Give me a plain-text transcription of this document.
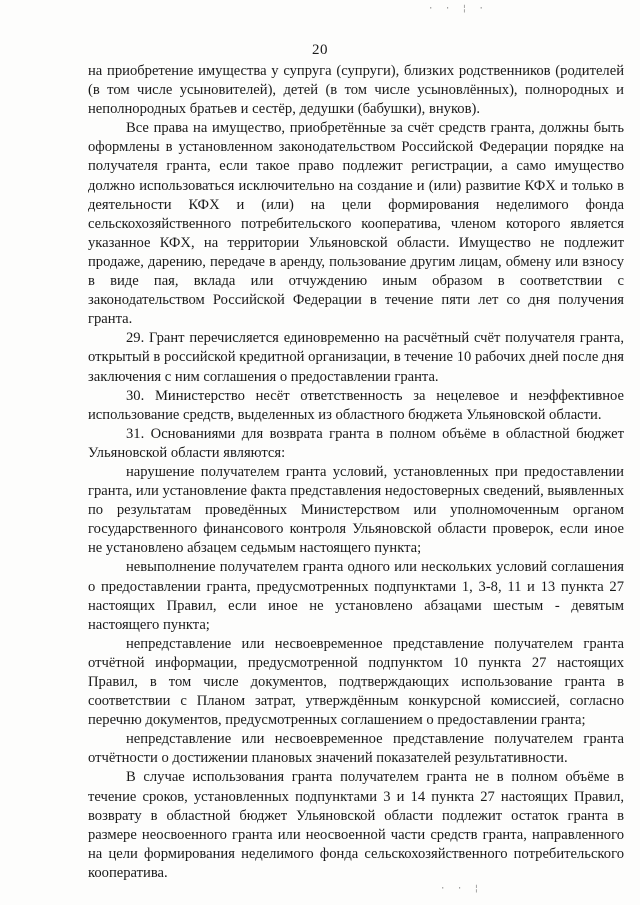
· · ¦ ·
20

на приобретение имущества у супруга (супруги), близких родственников (родителей (в том числе усыновителей), детей (в том числе усыновлённых), полнородных и неполнородных братьев и сестёр, дедушки (бабушки), внуков).

Все права на имущество, приобретённые за счёт средств гранта, должны быть оформлены в установленном законодательством Российской Федерации порядке на получателя гранта, если такое право подлежит регистрации, а само имущество должно использоваться исключительно на создание и (или) развитие КФХ и только в деятельности КФХ и (или) на цели формирования неделимого фонда сельскохозяйственного потребительского кооператива, членом которого является указанное КФХ, на территории Ульяновской области. Имущество не подлежит продаже, дарению, передаче в аренду, пользование другим лицам, обмену или взносу в виде пая, вклада или отчуждению иным образом в соответствии с законодательством Российской Федерации в течение пяти лет со дня получения гранта.

29. Грант перечисляется единовременно на расчётный счёт получателя гранта, открытый в российской кредитной организации, в течение 10 рабочих дней после дня заключения с ним соглашения о предоставлении гранта.

30. Министерство несёт ответственность за нецелевое и неэффективное использование средств, выделенных из областного бюджета Ульяновской области.

31. Основаниями для возврата гранта в полном объёме в областной бюджет Ульяновской области являются:

нарушение получателем гранта условий, установленных при предоставлении гранта, или установление факта представления недостоверных сведений, выявленных по результатам проведённых Министерством или уполномоченным органом государственного финансового контроля Ульяновской области проверок, если иное не установлено абзацем седьмым настоящего пункта;

невыполнение получателем гранта одного или нескольких условий соглашения о предоставлении гранта, предусмотренных подпунктами 1, 3-8, 11 и 13 пункта 27 настоящих Правил, если иное не установлено абзацами шестым - девятым настоящего пункта;

непредставление или несвоевременное представление получателем гранта отчётной информации, предусмотренной подпунктом 10 пункта 27 настоящих Правил, в том числе документов, подтверждающих использование гранта в соответствии с Планом затрат, утверждённым конкурсной комиссией, согласно перечню документов, предусмотренных соглашением о предоставлении гранта;

непредставление или несвоевременное представление получателем гранта отчётности о достижении плановых значений показателей результативности.

В случае использования гранта получателем гранта не в полном объёме в течение сроков, установленных подпунктами 3 и 14 пункта 27 настоящих Правил, возврату в областной бюджет Ульяновской области подлежит остаток гранта в размере неосвоенного гранта или неосвоенной части средств гранта, направленного на цели формирования неделимого фонда сельскохозяйственного потребительского кооператива.

· · ¦
